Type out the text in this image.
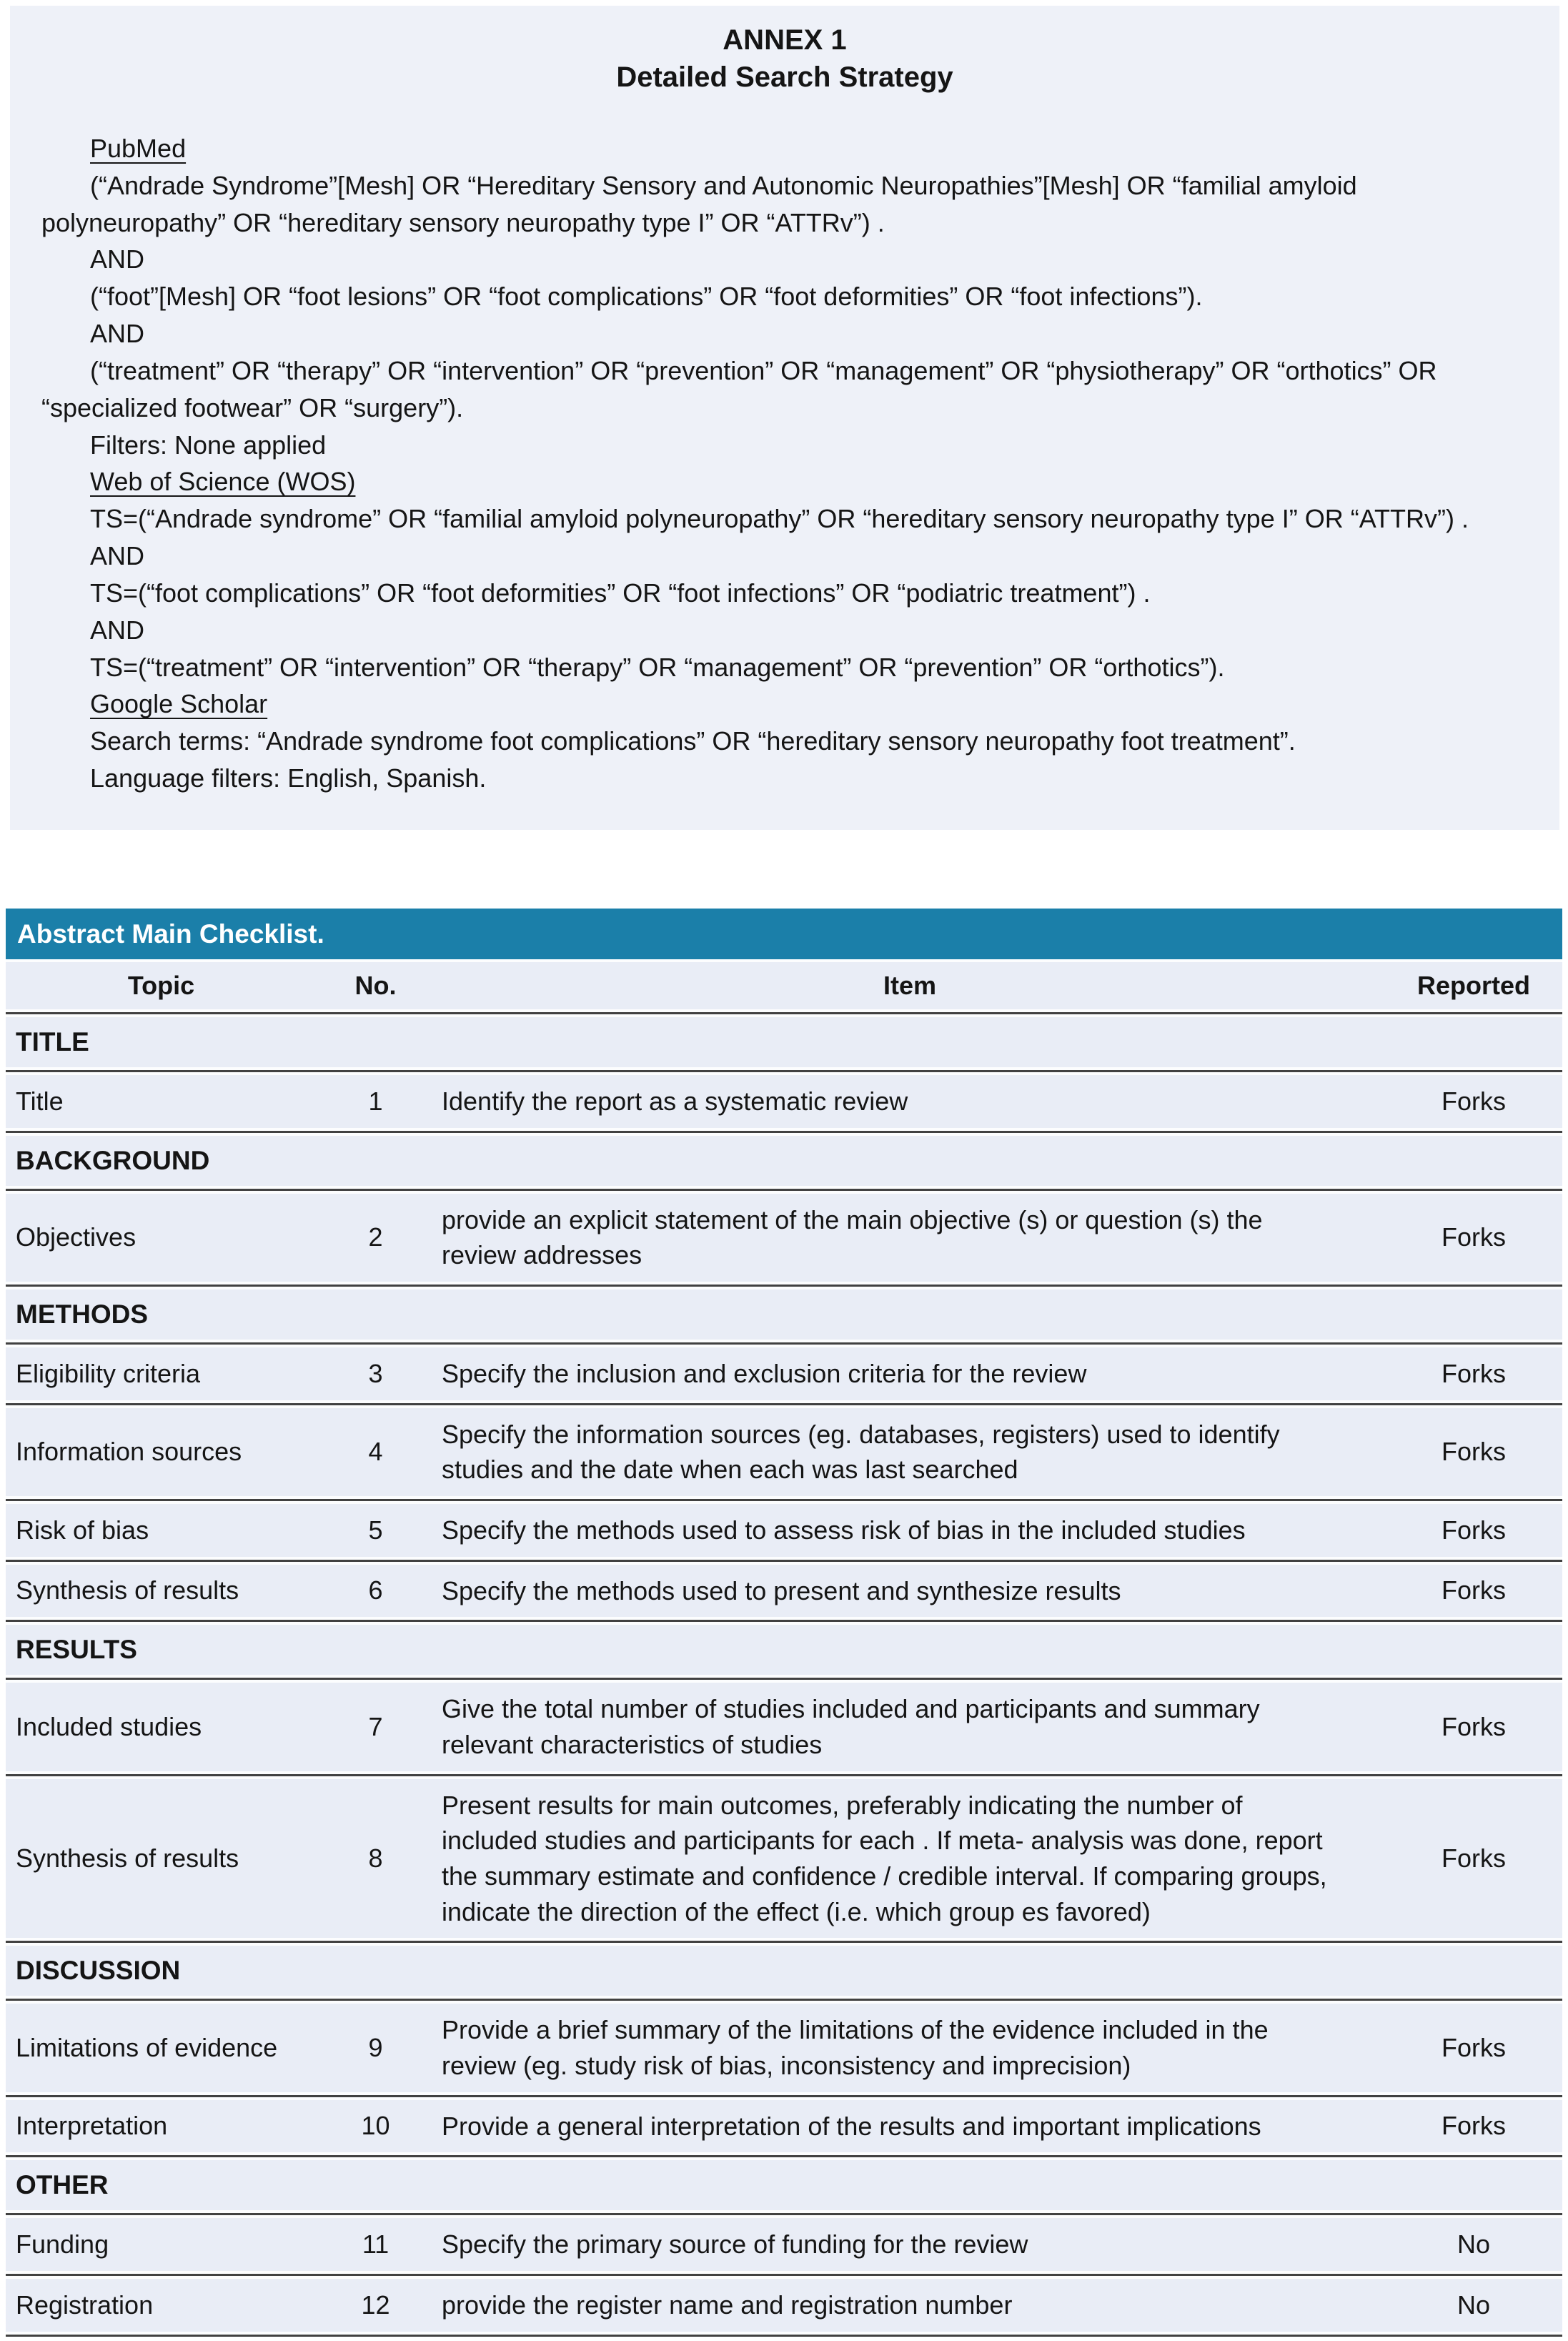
ANNEX 1
Detailed Search Strategy

PubMed

(“Andrade Syndrome”[Mesh] OR “Hereditary Sensory and Autonomic Neuropathies”[Mesh] OR “familial amyloid polyneuropathy” OR “hereditary sensory neuropathy type I” OR “ATTRv”) .

AND

(“foot”[Mesh] OR “foot lesions” OR “foot complications” OR “foot deformities” OR “foot infections”).

AND

(“treatment” OR “therapy” OR “intervention” OR “prevention” OR “management” OR “physiotherapy” OR “orthotics” OR “specialized footwear” OR “surgery”).

Filters: None applied

Web of Science (WOS)

TS=(“Andrade syndrome” OR “familial amyloid polyneuropathy” OR “hereditary sensory neuropathy type I” OR “ATTRv”) .

AND

TS=(“foot complications” OR “foot deformities” OR “foot infections” OR “podiatric treatment”) .

AND

TS=(“treatment” OR “intervention” OR “therapy” OR “management” OR “prevention” OR “orthotics”).

Google Scholar

Search terms: “Andrade syndrome foot complications” OR “hereditary sensory neuropathy foot treatment”.

Language filters: English, Spanish.

Abstract Main Checklist.
Topic	No.	Item	Reported
TITLE			
Title	1	Identify the report as a systematic review	Forks
BACKGROUND			
Objectives	2	provide an explicit statement of the main objective (s) or question (s) the review addresses	Forks
METHODS			
Eligibility criteria	3	Specify the inclusion and exclusion criteria for the review	Forks
Information sources	4	Specify the information sources (eg. databases, registers) used to identify studies and the date when each was last searched	Forks
Risk of bias	5	Specify the methods used to assess risk of bias in the included studies	Forks
Synthesis of results	6	Specify the methods used to present and synthesize results	Forks
RESULTS			
Included studies	7	Give the total number of studies included and participants and summary relevant characteristics of studies	Forks
Synthesis of results	8	Present results for main outcomes, preferably indicating the number of included studies and participants for each . If meta- analysis was done, report the summary estimate and confidence / credible interval. If comparing groups, indicate the direction of the effect (i.e. which group es favored)	Forks
DISCUSSION			
Limitations of evidence	9	Provide a brief summary of the limitations of the evidence included in the review (eg. study risk of bias, inconsistency and imprecision)	Forks
Interpretation	10	Provide a general interpretation of the results and important implications	Forks
OTHER			
Funding	11	Specify the primary source of funding for the review	No
Registration	12	provide the register name and registration number	No
